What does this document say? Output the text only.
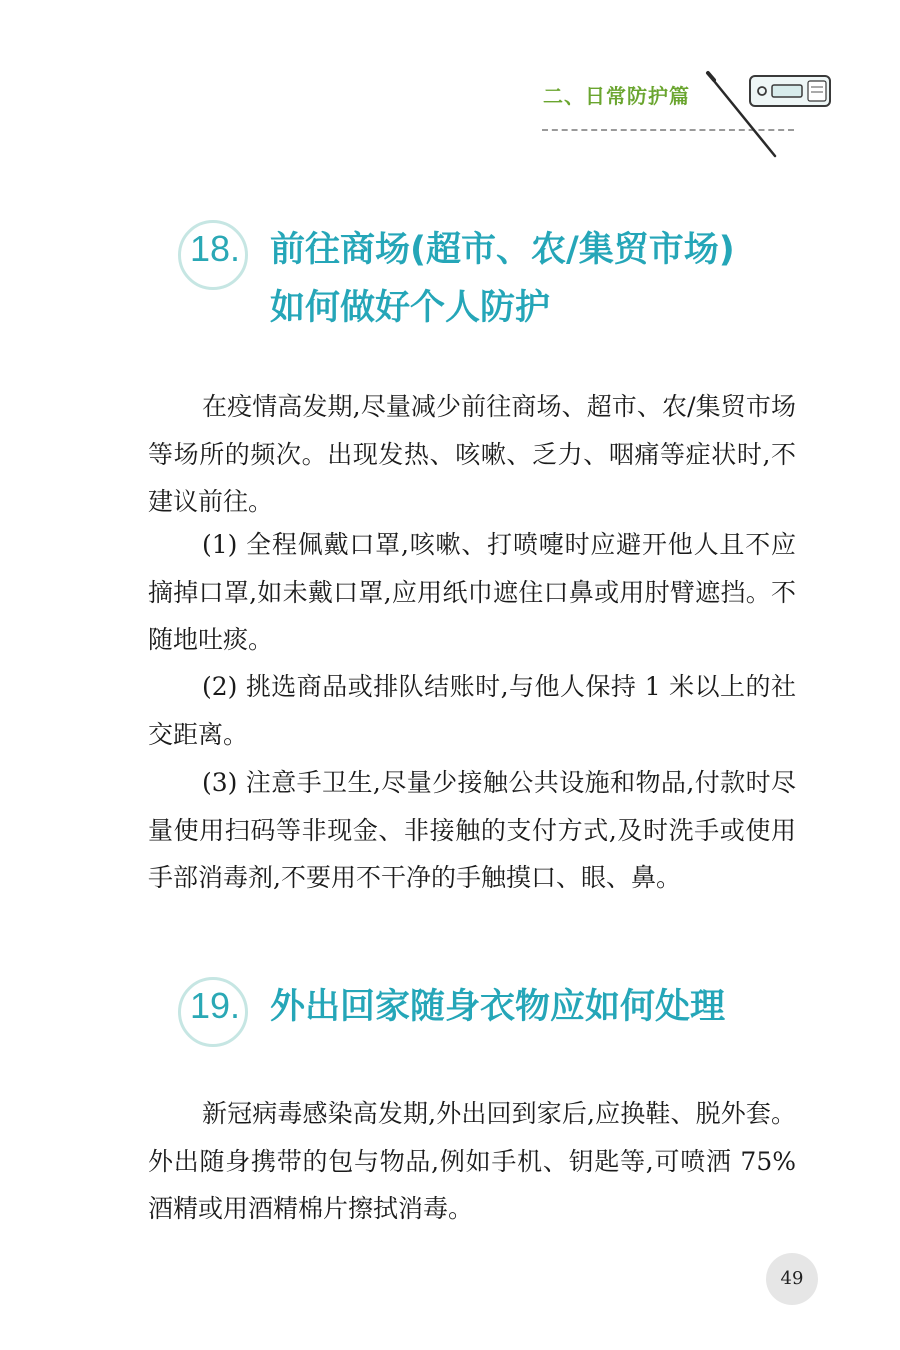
二、日常防护篇
18. 前往商场(超市、农/集贸市场)
如何做好个人防护

在疫情高发期,尽量减少前往商场、超市、农/集贸市场等场所的频次。出现发热、咳嗽、乏力、咽痛等症状时,不建议前往。

(1) 全程佩戴口罩,咳嗽、打喷嚏时应避开他人且不应摘掉口罩,如未戴口罩,应用纸巾遮住口鼻或用肘臂遮挡。不随地吐痰。

(2) 挑选商品或排队结账时,与他人保持 1 米以上的社交距离。

(3) 注意手卫生,尽量少接触公共设施和物品,付款时尽量使用扫码等非现金、非接触的支付方式,及时洗手或使用手部消毒剂,不要用不干净的手触摸口、眼、鼻。

19. 外出回家随身衣物应如何处理

新冠病毒感染高发期,外出回到家后,应换鞋、脱外套。外出随身携带的包与物品,例如手机、钥匙等,可喷洒 75% 酒精或用酒精棉片擦拭消毒。

49
